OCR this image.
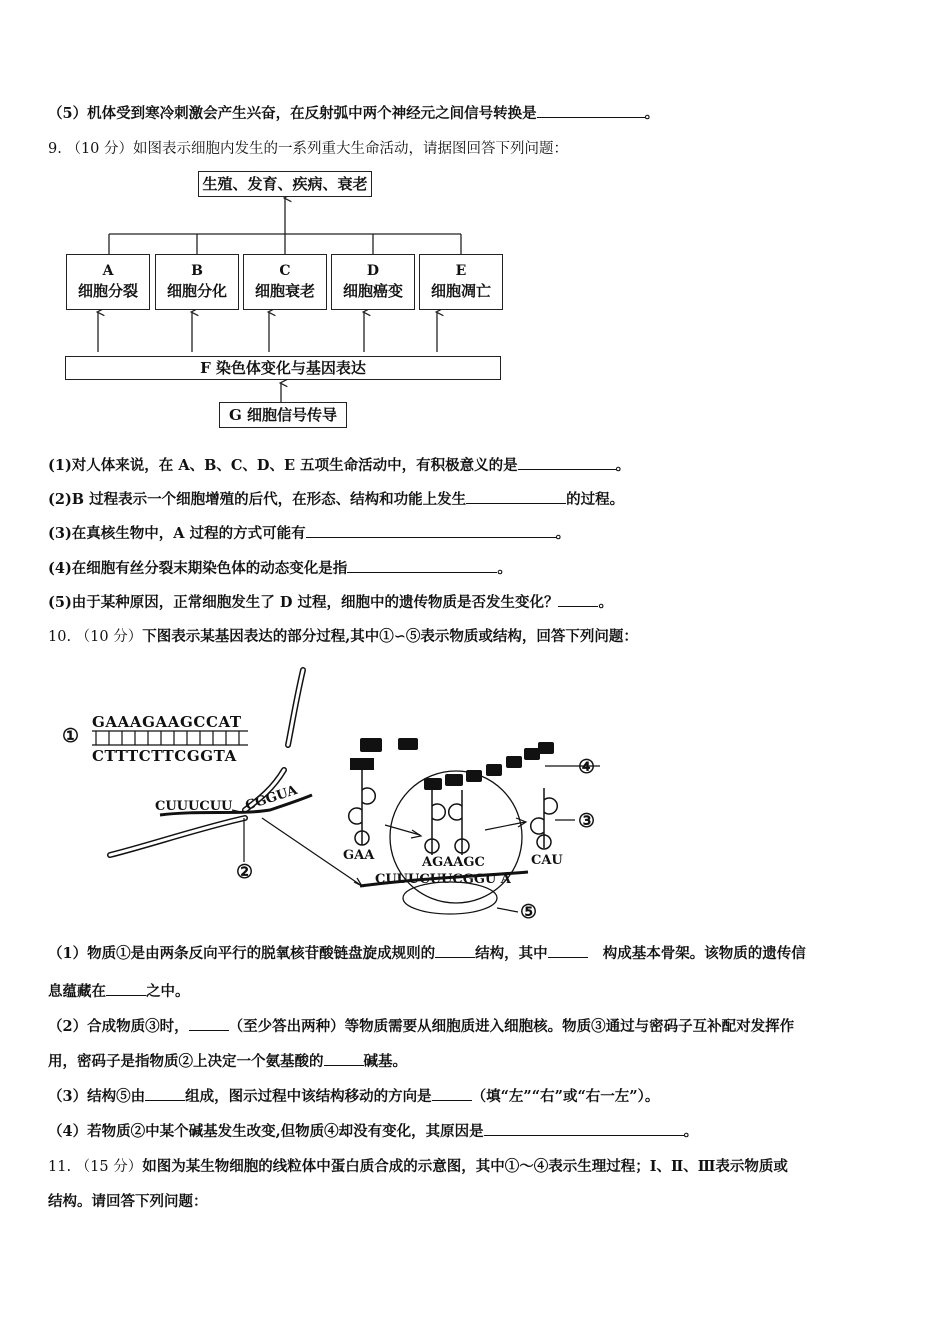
（5）机体受到寒冷刺激会产生兴奋，在反射弧中两个神经元之间信号转换是	。
9. （10 分）如图表示细胞内发生的一系列重大生命活动，请据图回答下列问题：
生殖、发育、疾病、衰老
A
细胞分裂
B
细胞分化
C
细胞衰老
D
细胞癌变
E
细胞凋亡
F 染色体变化与基因表达
G 细胞信号传导
(1)对人体来说，在 A、B、C、D、E 五项生命活动中，有积极意义的是	。
(2)B 过程表示一个细胞增殖的后代，在形态、结构和功能上发生	的过程。
(3)在真核生物中，A 过程的方式可能有	。
(4)在细胞有丝分裂末期染色体的动态变化是指	。
(5)由于某种原因，正常细胞发生了 D 过程，细胞中的遗传物质是否发生变化？	。
10. （10 分）下图表示某基因表达的部分过程,其中①∽⑤表示物质或结构，回答下列问题：
①
GAAAGAAGCCAT
CTTTCTTCGGTA
CUUUCUU CGGUA
②	CUUUCUUCGGU A
⑤
GAA	AGAAGC	CAU
③
④
（1）物质①是由两条反向平行的脱氧核苷酸链盘旋成规则的	结构，其中	构成基本骨架。该物质的遗传信
息蕴藏在	之中。
（2）合成物质③时，	（至少答出两种）等物质需要从细胞质进入细胞核。物质③通过与密码子互补配对发挥作
用，密码子是指物质②上决定一个氨基酸的	碱基。
（3）结构⑤由	组成，图示过程中该结构移动的方向是	（填“左”“右”或“右一左”）。
（4）若物质②中某个碱基发生改变,但物质④却没有变化，其原因是	。
11. （15 分）如图为某生物细胞的线粒体中蛋白质合成的示意图，其中①～④表示生理过程；Ⅰ、Ⅱ、Ⅲ表示物质或
结构。请回答下列问题：
